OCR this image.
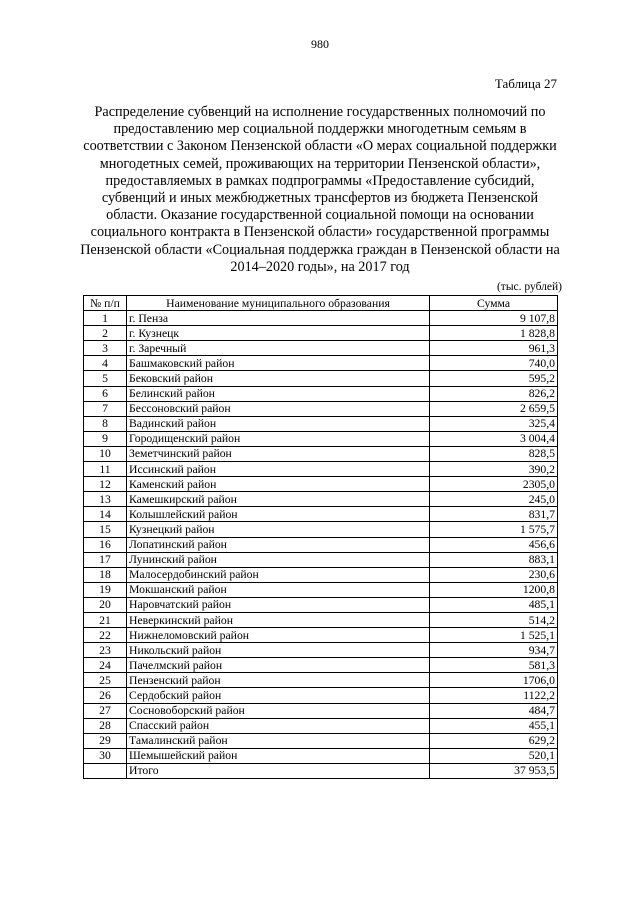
980
Таблица 27
Распределение субвенций на исполнение государственных полномочий по предоставлению мер социальной поддержки многодетным семьям в соответствии с Законом Пензенской области «О мерах социальной поддержки многодетных семей, проживающих на территории Пензенской области», предоставляемых в рамках подпрограммы «Предоставление субсидий, субвенций и иных межбюджетных трансфертов из бюджета Пензенской области. Оказание государственной социальной помощи на основании социального контракта в Пензенской области» государственной программы Пензенской области «Социальная поддержка граждан в Пензенской области на 2014–2020 годы», на 2017 год
(тыс. рублей)
№ п/п	Наименование муниципального образования	Сумма
1	г. Пенза	9 107,8
2	г. Кузнецк	1 828,8
3	г. Заречный	961,3
4	Башмаковский район	740,0
5	Бековский район	595,2
6	Белинский район	826,2
7	Бессоновский район	2 659,5
8	Вадинский район	325,4
9	Городищенский район	3 004,4
10	Земетчинский район	828,5
11	Иссинский район	390,2
12	Каменский район	2305,0
13	Камешкирский район	245,0
14	Колышлейский район	831,7
15	Кузнецкий район	1 575,7
16	Лопатинский район	456,6
17	Лунинский район	883,1
18	Малосердобинский район	230,6
19	Мокшанский район	1200,8
20	Наровчатский район	485,1
21	Неверкинский район	514,2
22	Нижнеломовский район	1 525,1
23	Никольский район	934,7
24	Пачелмский район	581,3
25	Пензенский район	1706,0
26	Сердобский район	1122,2
27	Сосновоборский район	484,7
28	Спасский район	455,1
29	Тамалинский район	629,2
30	Шемышейский район	520,1
	Итого	37 953,5
